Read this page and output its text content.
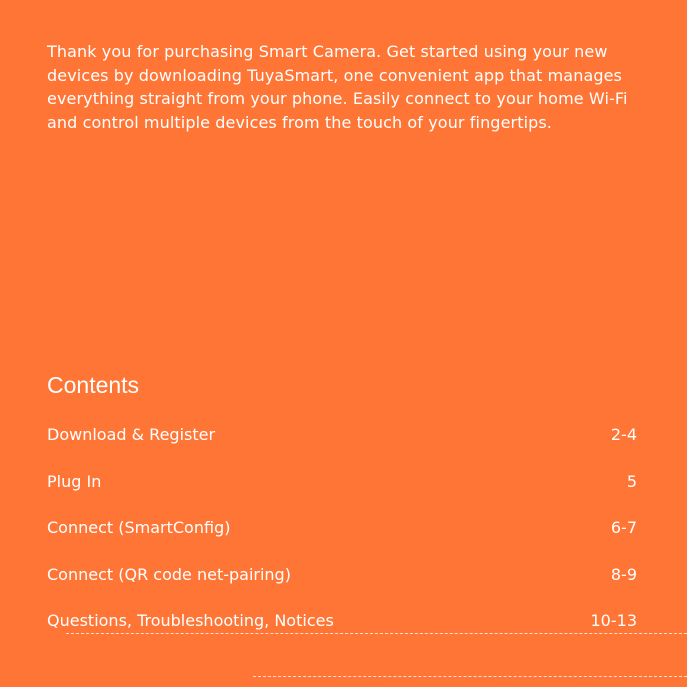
Thank you for purchasing Smart Camera. Get started using your new devices by downloading TuyaSmart, one convenient app that manages everything straight from your phone. Easily connect to your home Wi-Fi and control multiple devices from the touch of your fingertips.

Contents
Download & Register	2-4
Plug In	5
Connect (SmartConfig)	6-7
Connect (QR code net-pairing)	8-9
Questions, Troubleshooting, Notices	10-13
